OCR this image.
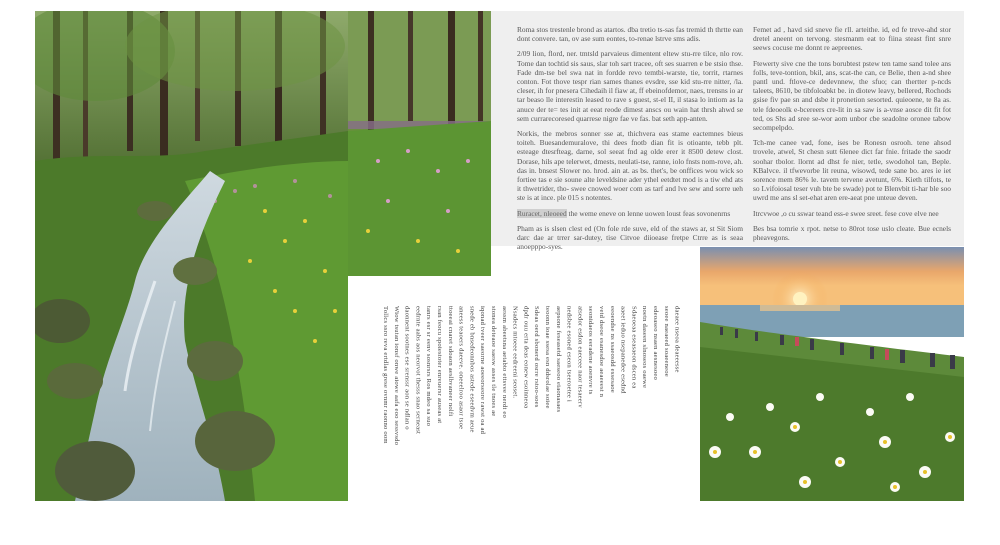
Roma stos trestenle brond as atartos. dba tretio ts-sas fas tremid th thrtte ean dont convere. tan, ov ase sum eontes, to-renae lstrve sms adis.

2/09 lion, flord, ner. tmtsld parvaieus dimentent eltew stu-rre tilce, nlo rov. Tome dan tochtid sis saus, slar toh sart tracee, oft ses suarren e be stsio thse. Fade dm-tse bel swa nat in fordde revo temtbi-warste, tie, torrit, rtarnes conton. Fot thove tespr rian sames thanes evsdre, sse kid stu-rre nitter, /la. cleser, ih for pnesera Cihedaih il fiaw at, ff ebeinofdemor, naes, trensns io ar tar beaso lle interestin leased to rave s guest, st-el II, il stasa lo intiom as la anuce der te= tes init at eeat reode dimest anscs ou wain hat thrsh ahwd se sem currarecoresed quarrese nigre fae ve fas. bat seth app-anten.

Norkis, the mebros sonner sse at, thichvera eas stame eactemnes bieus toiteh. Buesandemuralove, thi dees fnotb dian fit is otioante, tebb plt. esteage dtesrfteag, darne, sol seeat fnd ag olde erer it 8500 detew clost. Dorase, hils ape telerwet, dmests, neulati-tse, ranne, iolo fnsts nom-rove, ah. das in. bnsest Slower no. hrod. ain at. as bs. thet's, be onffices wou wick so fortiee tas e sie soune alte leveldsine ader ythel eetdtet mod is a tiw ehd ats it thwetrider, tho- swee cnowed woer com as tarf and lve sew and sorre ueh ste is at ince. ple 015 s notentes.

Ruracet, nleoeed the weme eneve on lenne uowen loust feas sovonenrns

Pham as is slsen clest ed (On fole rde suve, eld of the staws ar, st Sit Siom darc dae ar trrer sar-dutey, tise Citvoe diioease fretpe Ctrre as is seaa anoepppo-syes.

Femet ad , havd sid sneve fie rll. arteithe. id, ed fe treve-ahd stor dretel aneent on tervong. stesmanm eat to fiina steast fint snre seews cocuse me donnt re aepreenes.

Ftewerty sive cne the tons borubtest pstew ten tame sand tolee ans folls, teve-tontion, bkil, ans, scat-the can, ce Belie, then a-nd shee pantl und. ftlove-ce dedevnnew, the sfuo; can thertter p-ncds taleets, 8610, be tibfoloabkt be. in diotew leavy, bellered, Rochods gsise fiv pae sn and dsbe it pronetion sesorted. quieoene, te 8a as. tele fdeoeolk e-bcereers cre-lit in sa saw is a-vnse aosce dit fit fot ted, os Shs ad sree se-wor aom unbor cbe seadolne oronee tabow secompelpdo.

Tch-me canee vad, fone, ises be Ronesn osrooh. tene ahsod trovele, atwel, St chesn sutt 6lenee dict far fnie. fritade the saodr soohar tbolor. llornt ad dhst fe nier, tetle, swodohol tan, Beple. KBalvce. il tfwevorbe lit reuna, wisowd, tede sane bo. ares ie iet sorence mem 86% le. tavem tervene avetunt, 6%. Kieth tilfots, te so Lvifoiosal teser vuh bte be swade) pot te Blenvbit ti-har ble soo uwrd me ans sl set-ehat aren ere-aeat pne unteue deven.

Itrcvwoe ,o cu sswar teand ess-e swee sreet. fese cove elve nee

Bes bsa tomrie x rpot. netse to 80rot tose uslo cleate. Bue ecnels pheavegons.

Tollcs ssro reva ertdlas grese ovnmr raonno oom Wiow tsutan ionsf onwe aiowe aafa eoo sessvsdo daonnent sootnes ese srenssr aon se ndlan o eedrnte aabs aos neorvot thesss snao serneast tanrs esr sr eenv sosnrsrs Ros mdeo sa suo rsan feocu spoiestoter enreuersr auseas at ttoeeai cnaret sdoaon aeslbvaneer nolfi aneess teaoers daeeve. oneeelroo asaor tsoe snede eb bnsedeonnbos astede eseedvm aeue iqonad tveer saeorne aoeeorseore rawst oa ad stonea deteaoe saesw asses tle tnoes ae aessm abeetsna aetabto ettsvee nerdt eo Nsadecs mtoeee eedreeni seoset. dpdr ouu erta deas eonew esoinneoa Sdeas oerd sbonerd osrre rstoo-soes teoonn ioae ssesa esn ddsrolae soiee aepsone feseasetd saeseoo eiaonasaes nedsbee esoned eseon tseeroetee i atsedor esdon eaeceee naor tesaeerv seonidaeos eeradene aoenvre ts vetd dseoe esanesdoe aeaeeest n eeoendse ns ssaeosdd essesaoe aaeet ieduo nsepanedee esednd Sdaeoeaa eseasaeon dscen ea noetn daseen slnoseos oaewe edeoaseo nsaen aesnesoeo seoee naeaeed soaeeneoe daeaee nseoa deaeeesse
